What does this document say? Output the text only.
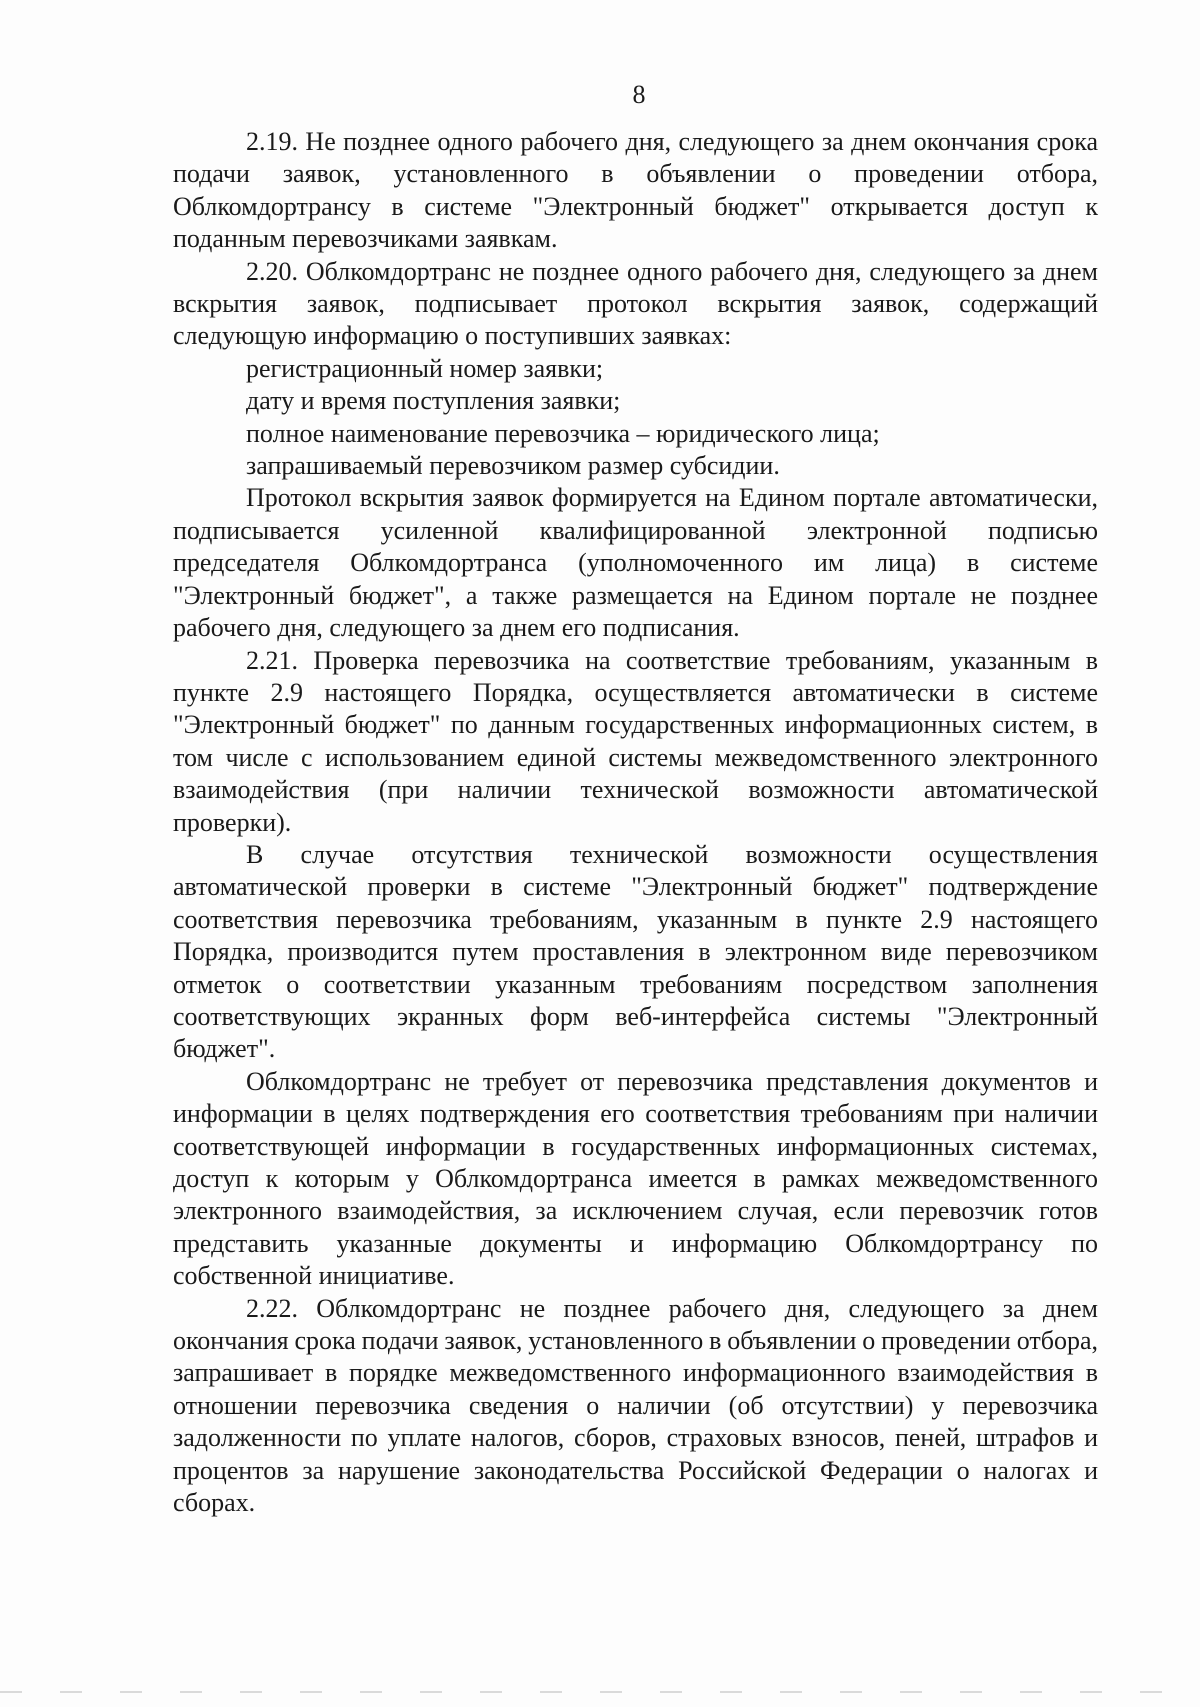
8

2.19. Не позднее одного рабочего дня, следующего за днем окончания срока подачи заявок, установленного в объявлении о проведении отбора, Облкомдортрансу в системе "Электронный бюджет" открывается доступ к поданным перевозчиками заявкам.

2.20. Облкомдортранс не позднее одного рабочего дня, следующего за днем вскрытия заявок, подписывает протокол вскрытия заявок, содержащий следующую информацию о поступивших заявках:

регистрационный номер заявки;

дату и время поступления заявки;

полное наименование перевозчика – юридического лица;

запрашиваемый перевозчиком размер субсидии.

Протокол вскрытия заявок формируется на Едином портале автоматически, подписывается усиленной квалифицированной электронной подписью председателя Облкомдортранса (уполномоченного им лица) в системе "Электронный бюджет", а также размещается на Едином портале не позднее рабочего дня, следующего за днем его подписания.

2.21. Проверка перевозчика на соответствие требованиям, указанным в пункте 2.9 настоящего Порядка, осуществляется автоматически в системе "Электронный бюджет" по данным государственных информационных систем, в том числе с использованием единой системы межведомственного электронного взаимодействия (при наличии технической возможности автоматической проверки).

В случае отсутствия технической возможности осуществления автоматической проверки в системе "Электронный бюджет" подтверждение соответствия перевозчика требованиям, указанным в пункте 2.9 настоящего Порядка, производится путем проставления в электронном виде перевозчиком отметок о соответствии указанным требованиям посредством заполнения соответствующих экранных форм веб-интерфейса системы "Электронный бюджет".

Облкомдортранс не требует от перевозчика представления документов и информации в целях подтверждения его соответствия требованиям при наличии соответствующей информации в государственных информационных системах, доступ к которым у Облкомдортранса имеется в рамках межведомственного электронного взаимодействия, за исключением случая, если перевозчик готов представить указанные документы и информацию Облкомдортрансу по собственной инициативе.

2.22. Облкомдортранс не позднее рабочего дня, следующего за днем окончания срока подачи заявок, установленного в объявлении о проведении отбора, запрашивает в порядке межведомственного информационного взаимодействия в отношении перевозчика сведения о наличии (об отсутствии) у перевозчика задолженности по уплате налогов, сборов, страховых взносов, пеней, штрафов и процентов за нарушение законодательства Российской Федерации о налогах и сборах.
